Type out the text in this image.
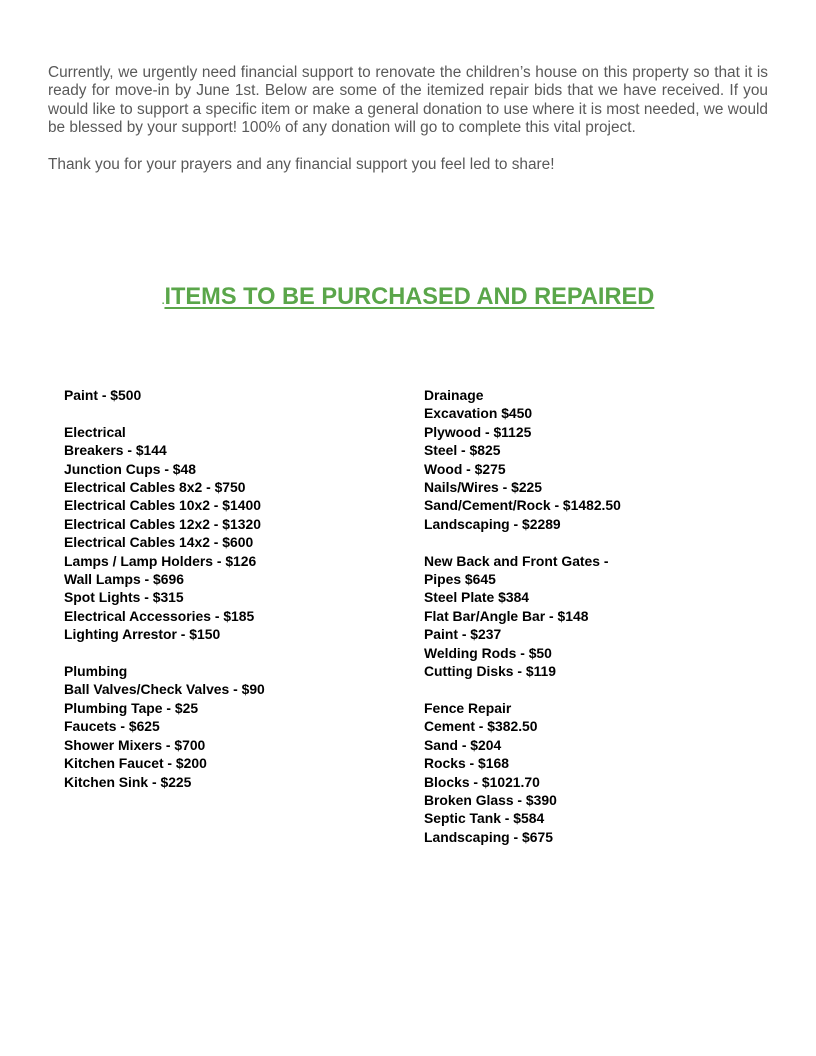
Currently, we urgently need financial support to renovate the children’s house on this property so that it is ready for move-in by June 1st. Below are some of the itemized repair bids that we have received. If you would like to support a specific item or make a general donation to use where it is most needed, we would be blessed by your support! 100% of any donation will go to complete this vital project.

Thank you for your prayers and any financial support you feel led to share!

.ITEMS TO BE PURCHASED AND REPAIRED
Paint - $500
Electrical
Breakers - $144
Junction Cups - $48
Electrical Cables 8x2 - $750
Electrical Cables 10x2 - $1400
Electrical Cables 12x2 - $1320
Electrical Cables 14x2 - $600
Lamps / Lamp Holders - $126
Wall Lamps - $696
Spot Lights - $315
Electrical Accessories - $185
Lighting Arrestor - $150
Plumbing
Ball Valves/Check Valves - $90
Plumbing Tape - $25
Faucets - $625
Shower Mixers - $700
Kitchen Faucet - $200
Kitchen Sink - $225
Drainage
Excavation $450
Plywood - $1125
Steel - $825
Wood - $275
Nails/Wires - $225
Sand/Cement/Rock - $1482.50
Landscaping - $2289
New Back and Front Gates -
Pipes $645
Steel Plate $384
Flat Bar/Angle Bar - $148
Paint - $237
Welding Rods - $50
Cutting Disks - $119
Fence Repair
Cement - $382.50
Sand - $204
Rocks - $168
Blocks - $1021.70
Broken Glass - $390
Septic Tank - $584
Landscaping - $675
